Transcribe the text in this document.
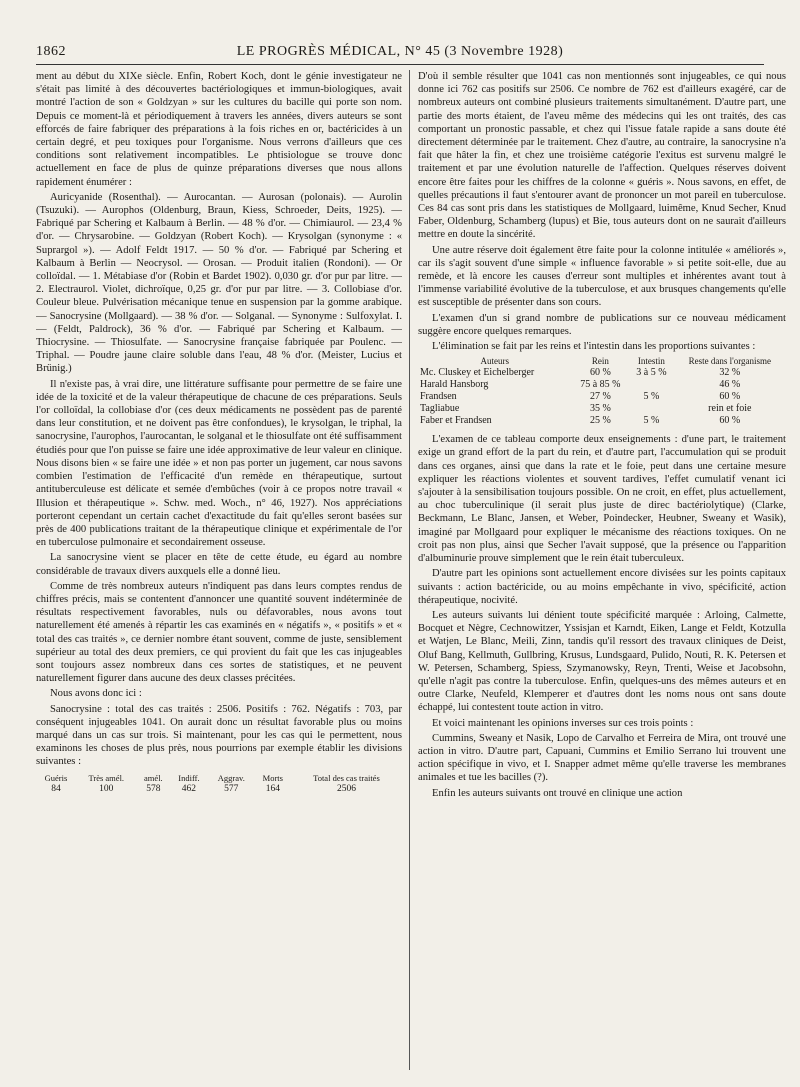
1862	LE PROGRÈS MÉDICAL, N° 45 (3 Novembre 1928)

ment au début du XIXe siècle. Enfin, Robert Koch, dont le génie investigateur ne s'était pas limité à des découvertes bactériologiques et immun-biologiques, avait montré l'action de son « Goldzyan » sur les cultures du bacille qui porte son nom. Depuis ce moment-là et périodiquement à travers les années, divers auteurs se sont efforcés de faire fabriquer des préparations à la fois riches en or, bactéricides à un certain degré, et peu toxiques pour l'organisme. Nous verrons d'ailleurs que ces conditions sont relativement incompatibles. Le phtisiologue se trouve donc actuellement en face de plus de quinze préparations diverses que nous allons rapidement énumérer :

Auricyanide (Rosenthal). — Aurocantan. — Aurosan (polonais). — Aurolin (Tsuzuki). — Aurophos (Oldenburg, Braun, Kiess, Schroeder, Deits, 1925). — Fabriqué par Schering et Kalbaum à Berlin. — 48 % d'or. — Chimiaurol. — 23,4 % d'or. — Chrysarobine. — Goldzyan (Robert Koch). — Krysolgan (synonyme : « Suprargol »). — Adolf Feldt 1917. — 50 % d'or. — Fabriqué par Schering et Kalbaum à Berlin — Neocrysol. — Orosan. — Produit italien (Rondoni). — Or colloïdal. — 1. Métabiase d'or (Robin et Bardet 1902). 0,030 gr. d'or pur par litre. — 2. Electraurol. Violet, dichroïque, 0,25 gr. d'or pur par litre. — 3. Collobiase d'or. Couleur bleue. Pulvérisation mécanique tenue en suspension par la gomme arabique. — Sanocrysine (Mollgaard). — 38 % d'or. — Solganal. — Synonyme : Sulfoxylat. I. — (Feldt, Paldrock), 36 % d'or. — Fabriqué par Schering et Kalbaum. — Thiocrysine. — Thiosulfate. — Sanocrysine française fabriquée par Poulenc. — Triphal. — Poudre jaune claire soluble dans l'eau, 48 % d'or. (Meister, Lucius et Brünig.)

Il n'existe pas, à vrai dire, une littérature suffisante pour permettre de se faire une idée de la toxicité et de la valeur thérapeutique de chacune de ces préparations. Seuls l'or colloïdal, la collobiase d'or (ces deux médicaments ne possèdent pas de parenté dans leur constitution, et ne doivent pas être confondues), le krysolgan, le triphal, la sanocrysine, l'aurophos, l'aurocantan, le solganal et le thiosulfate ont été suffisamment étudiés pour que l'on puisse se faire une idée approximative de leur valeur en clinique. Nous disons bien « se faire une idée » et non pas porter un jugement, car nous savons combien l'estimation de l'efficacité d'un remède en thérapeutique, surtout antituberculeuse est délicate et semée d'embûches (voir à ce propos notre travail « Illusion et thérapeutique ». Schw. med. Woch., n° 46, 1927). Nos appréciations porteront cependant un certain cachet d'exactitude du fait qu'elles seront basées sur près de 400 publications traitant de la thérapeutique clinique et expérimentale de l'or en tuberculose pulmonaire et secondairement osseuse.

La sanocrysine vient se placer en tête de cette étude, eu égard au nombre considérable de travaux divers auxquels elle a donné lieu.

Comme de très nombreux auteurs n'indiquent pas dans leurs comptes rendus de chiffres précis, mais se contentent d'annoncer une quantité souvent indéterminée de résultats respectivement favorables, nuls ou défavorables, nous avons tout naturellement été amenés à répartir les cas examinés en « négatifs », « positifs » et « total des cas traités », ce dernier nombre étant souvent, comme de juste, sensiblement supérieur au total des deux premiers, ce qui provient du fait que les cas injugeables sont toujours assez nombreux dans ces sortes de statistiques, et ne peuvent naturellement figurer dans aucune des deux classes précitées.

Nous avons donc ici :

Sanocrysine : total des cas traités : 2506. Positifs : 762. Négatifs : 703, par conséquent injugeables 1041. On aurait donc un résultat favorable plus ou moins marqué dans un cas sur trois. Si maintenant, pour les cas qui le permettent, nous examinons les choses de plus près, nous pourrions par exemple établir les divisions suivantes :

Guéris	Très amél.	amél.	Indiff.	Aggrav.	Morts	Total des cas traités
84	100	578	462	577	164	2506

D'où il semble résulter que 1041 cas non mentionnés sont injugeables, ce qui nous donne ici 762 cas positifs sur 2506. Ce nombre de 762 est d'ailleurs exagéré, car de nombreux auteurs ont combiné plusieurs traitements simultanément. D'autre part, une partie des morts étaient, de l'aveu même des médecins qui les ont traités, des cas comportant un pronostic passable, et chez qui l'issue fatale rapide a sans doute été directement déterminée par le traitement. Chez d'autre, au contraire, la sanocrysine n'a fait que hâter la fin, et chez une troisième catégorie l'exitus est survenu malgré le traitement et par une évolution naturelle de l'affection. Quelques réserves doivent encore être faites pour les chiffres de la colonne « guéris ». Nous savons, en effet, de quelles précautions il faut s'entourer avant de prononcer un mot pareil en tuberculose. Ces 84 cas sont pris dans les statistiques de Mollgaard, luimême, Knud Secher, Knud Faber, Oldenburg, Schamberg (lupus) et Bie, tous auteurs dont on ne saurait d'ailleurs mettre en doute la sincérité.

Une autre réserve doit également être faite pour la colonne intitulée « améliorés », car ils s'agit souvent d'une simple « influence favorable » si petite soit-elle, due au remède, et là encore les causes d'erreur sont multiples et inhérentes avant tout à l'immense variabilité évolutive de la tuberculose, et aux brusques changements qu'elle est susceptible de présenter dans son cours.

L'examen d'un si grand nombre de publications sur ce nouveau médicament suggère encore quelques remarques.

L'élimination se fait par les reins et l'intestin dans les proportions suivantes :

Auteurs	Rein	Intestin	Reste dans l'organisme
Mc. Cluskey et Eichelberger	60 %	3 à 5 %	32 %
Harald Hansborg	75 à 85 %		46 %
Frandsen	27 %	5 %	60 %
Tagliabue	35 %		rein et foie
Faber et Frandsen	25 %	5 %	60 %

L'examen de ce tableau comporte deux enseignements : d'une part, le traitement exige un grand effort de la part du rein, et d'autre part, l'accumulation qui se produit dans ces organes, ainsi que dans la rate et le foie, peut dans une certaine mesure expliquer les réactions violentes et souvent tardives, l'effet cumulatif venant ici s'ajouter à la sensibilisation toujours possible. On ne croit, en effet, plus actuellement, au choc tuberculinique (il serait plus juste de direc bactériolytique) (Clarke, Beckmann, Le Blanc, Jansen, et Weber, Poindecker, Heubner, Sweany et Wasik), imaginé par Mollgaard pour expliquer le mécanisme des réactions toxiques. On ne croit pas non plus, ainsi que Secher l'avait supposé, que la présence ou l'apparition d'albuminurie prouve simplement que le rein était tuberculeux.

D'autre part les opinions sont actuellement encore divisées sur les points capitaux suivants : action bactéricide, ou au moins empêchante in vivo, spécificité, action thérapeutique, nocivité.

Les auteurs suivants lui dénient toute spécificité marquée : Arloing, Calmette, Bocquet et Nègre, Cechnowitzer, Yssisjan et Karndt, Eiken, Lange et Feldt, Kotzulla et Watjen, Le Blanc, Meili, Zinn, tandis qu'il ressort des travaux cliniques de Deist, Oluf Bang, Kellmuth, Gullbring, Krusus, Lundsgaard, Pulido, Nouti, R. K. Petersen et W. Petersen, Schamberg, Spiess, Szymanowsky, Reyn, Trenti, Weise et Jacobsohn, qu'elle n'agit pas contre la tuberculose. Enfin, quelques-uns des mêmes auteurs et en outre Clarke, Neufeld, Klemperer et d'autres dont les noms nous ont sans doute échappé, lui contestent toute action in vitro.

Et voici maintenant les opinions inverses sur ces trois points :

Cummins, Sweany et Nasik, Lopo de Carvalho et Ferreira de Mira, ont trouvé une action in vitro. D'autre part, Capuani, Cummins et Emilio Serrano lui trouvent une action spécifique in vivo, et I. Snapper admet même qu'elle traverse les membranes animales et tue les bacilles (?).

Enfin les auteurs suivants ont trouvé en clinique une action
